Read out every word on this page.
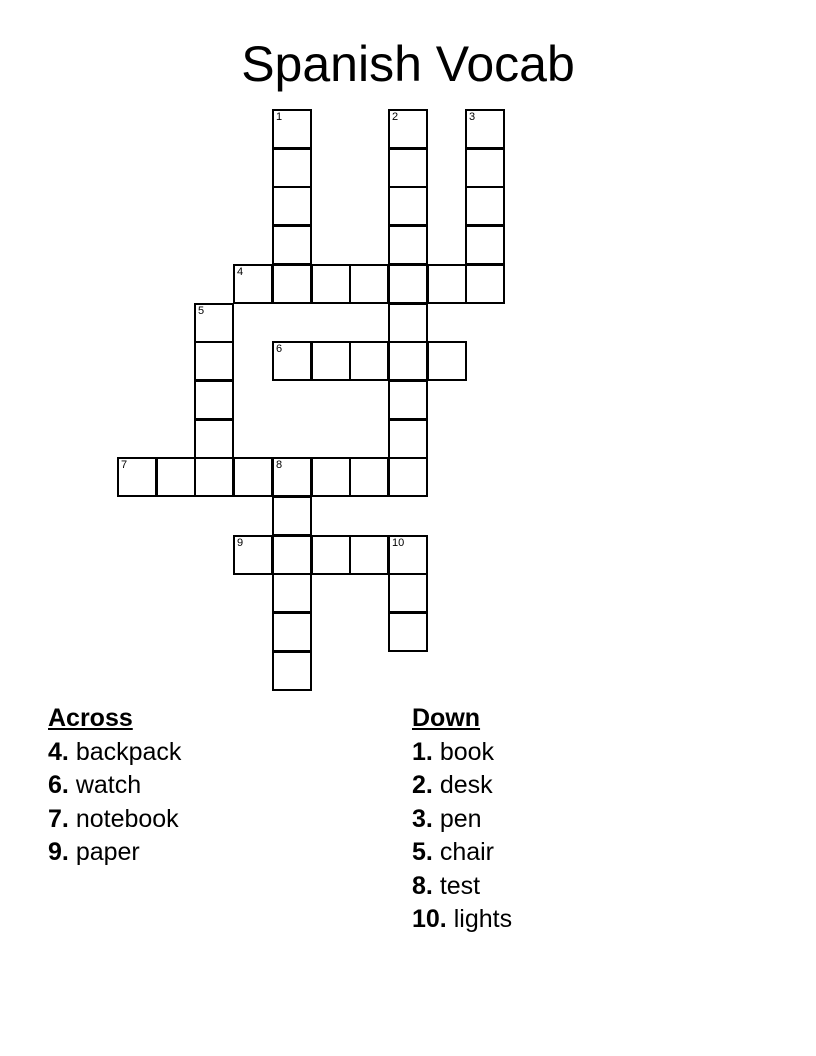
Spanish Vocab
1	2	3
4
5
6
7	8
9	10
Across
4. backpack
6. watch
7. notebook
9. paper
Down
1. book
2. desk
3. pen
5. chair
8. test
10. lights
